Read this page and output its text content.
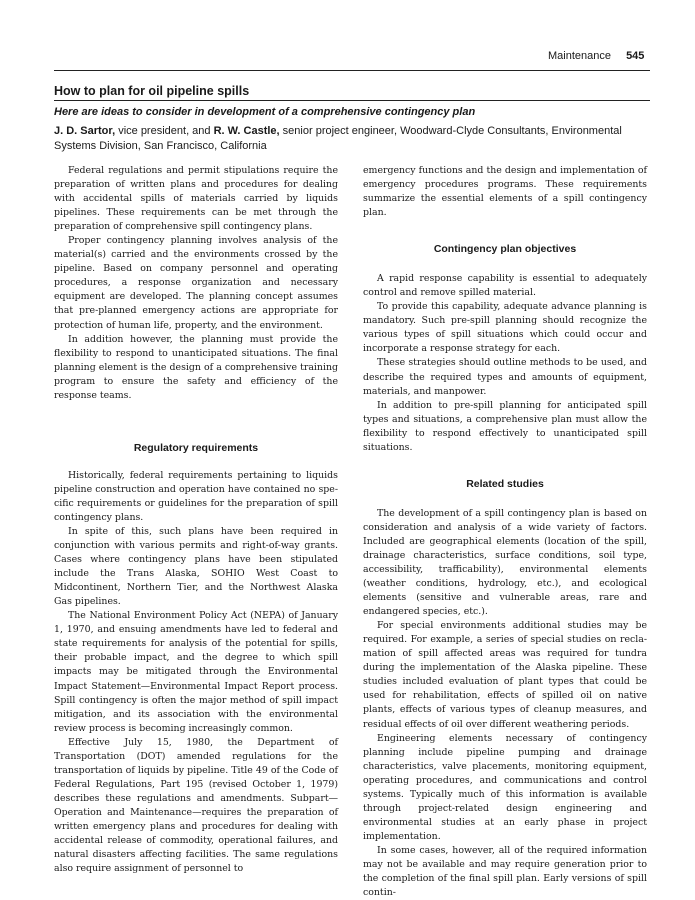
Maintenance 545
How to plan for oil pipeline spills
Here are ideas to consider in development of a comprehensive contingency plan
J. D. Sartor, vice president, and R. W. Castle, senior project engineer, Woodward-Clyde Consultants, Environmental Systems Division, San Francisco, California

Federal regulations and permit stipulations require the preparation of written plans and procedures for dealing with accidental spills of materials carried by liquids pipelines. These requirements can be met through the preparation of comprehensive spill contingency plans.

Proper contingency planning involves analysis of the material(s) carried and the environments crossed by the pipeline. Based on company personnel and operating procedures, a response organization and necessary equipment are developed. The planning concept assumes that pre-planned emergency actions are appropriate for protection of human life, property, and the environment.

In addition however, the planning must provide the flexibility to respond to unanticipated situations. The final planning element is the design of a comprehensive training program to ensure the safety and efficiency of the response teams.

Regulatory requirements

Historically, federal requirements pertaining to liquids pipeline construction and operation have contained no specific requirements or guidelines for the preparation of spill contingency plans.

In spite of this, such plans have been required in conjunction with various permits and right-of-way grants. Cases where contingency plans have been stipulated include the Trans Alaska, SOHIO West Coast to Midcontinent, Northern Tier, and the Northwest Alaska Gas pipelines.

The National Environment Policy Act (NEPA) of January 1, 1970, and ensuing amendments have led to federal and state requirements for analysis of the potential for spills, their probable impact, and the degree to which spill impacts may be mitigated through the Environmental Impact Statement—Environmental Impact Report process. Spill contingency is often the major method of spill impact mitigation, and its association with the environmental review process is becoming increasingly common.

Effective July 15, 1980, the Department of Transportation (DOT) amended regulations for the transportation of liquids by pipeline. Title 49 of the Code of Federal Regulations, Part 195 (revised October 1, 1979) describes these regulations and amendments. Subpart—Operation and Maintenance—requires the preparation of written emergency plans and procedures for dealing with accidental release of commodity, operational failures, and natural disasters affecting facilities. The same regulations also require assignment of personnel to

emergency functions and the design and implementation of emergency procedures programs. These requirements summarize the essential elements of a spill contingency plan.

Contingency plan objectives

A rapid response capability is essential to adequately control and remove spilled material.

To provide this capability, adequate advance planning is mandatory. Such pre-spill planning should recognize the various types of spill situations which could occur and incorporate a response strategy for each.

These strategies should outline methods to be used, and describe the required types and amounts of equipment, materials, and manpower.

In addition to pre-spill planning for anticipated spill types and situations, a comprehensive plan must allow the flexibility to respond effectively to unanticipated spill situations.

Related studies

The development of a spill contingency plan is based on consideration and analysis of a wide variety of factors. Included are geographical elements (location of the spill, drainage characteristics, surface conditions, soil type, accessibility, trafficability), environmental elements (weather conditions, hydrology, etc.), and ecological elements (sensitive and vulnerable areas, rare and endangered species, etc.).

For special environments additional studies may be required. For example, a series of special studies on reclamation of spill affected areas was required for tundra during the implementation of the Alaska pipeline. These studies included evaluation of plant types that could be used for rehabilitation, effects of spilled oil on native plants, effects of various types of cleanup measures, and residual effects of oil over different weathering periods.

Engineering elements necessary of contingency planning include pipeline pumping and drainage characteristics, valve placements, monitoring equipment, operating procedures, and communications and control systems. Typically much of this information is available through project-related design engineering and environmental studies at an early phase in project implementation.

In some cases, however, all of the required information may not be available and may require generation prior to the completion of the final spill plan. Early versions of spill contin-
